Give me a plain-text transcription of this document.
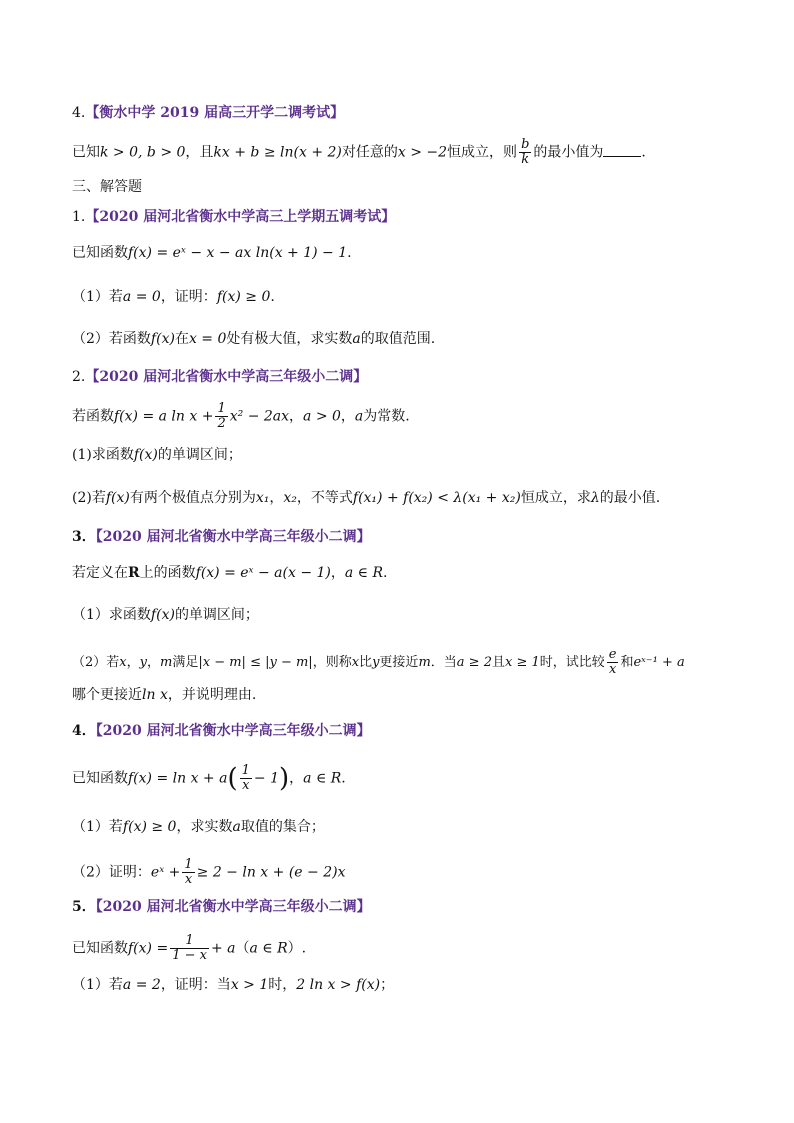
4.【衡水中学 2019 届高三开学二调考试】
已知k > 0, b > 0，且kx + b ≥ ln(x + 2)对任意的x > −2恒成立，则 $\frac{b}{k}$ 的最小值为	.
三、解答题
1.【2020 届河北省衡水中学高三上学期五调考试】
已知函数f(x) = eˣ − x − ax ln(x + 1) − 1.
（1）若a = 0，证明：f(x) ≥ 0.
（2）若函数f(x)在x = 0处有极大值，求实数a的取值范围.
2.【2020 届河北省衡水中学高三年级小二调】
若函数f(x) = a $\ln x + \frac{1}{2} x^2 - 2ax$，a > 0，a为常数.
(1)求函数f(x)的单调区间；
(2)若f(x)有两个极值点分别为x₁，x₂，不等式f(x₁) + f(x₂) < λ(x₁ + x₂)恒成立，求λ的最小值.
3．【2020 届河北省衡水中学高三年级小二调】
若定义在R上的函数f(x) = eˣ − a(x − 1)，a ∈ R.
（1）求函数f(x)的单调区间；
（2）若x，y，m满足|x − m| ≤ |y − m|，则称x比y更接近m．当a ≥ 2且x ≥ 1时，试比较 $\frac{e}{x}$ 和eˣ⁻¹ + a
哪个更接近ln x，并说明理由.
4．【2020 届河北省衡水中学高三年级小二调】
已知函数$f(x) = \ln x + a( \frac{1}{x} - 1)$，a ∈ R.
（1）若f(x) ≥ 0，求实数a取值的集合；
（2）证明：eˣ + $\frac{1}{x} \ge 2 - \ln x + (e - 2)x$
5．【2020 届河北省衡水中学高三年级小二调】
已知函数$f(x) = \frac{1}{1 - x} + a(a$ ∈ R）.
（1）若a = 2，证明：当x > 1时，2 ln x > f(x)；
